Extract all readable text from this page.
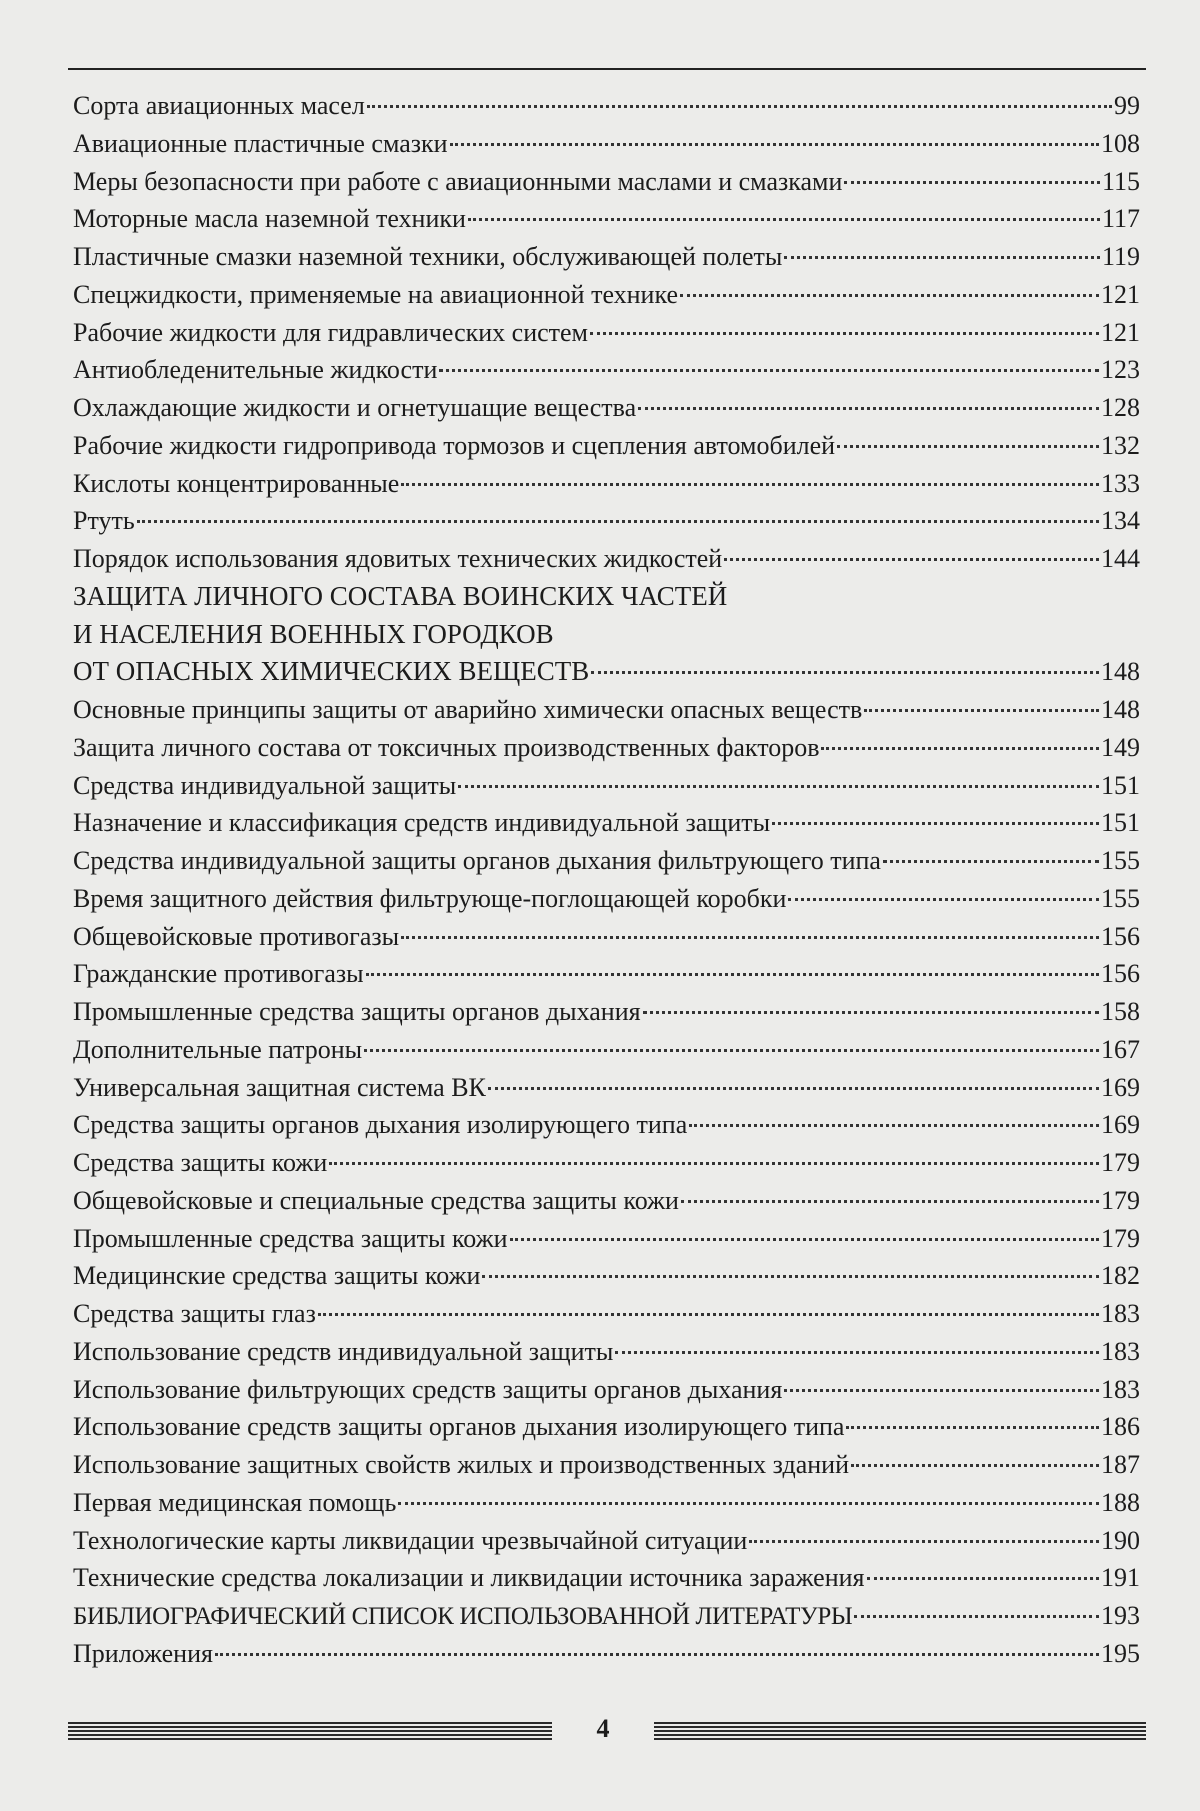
Сорта авиационных масел	99
Авиационные пластичные смазки	108
Меры безопасности при работе с авиационными маслами и смазками	115
Моторные масла наземной техники	117
Пластичные смазки наземной техники, обслуживающей полеты	119
Спецжидкости, применяемые на авиационной технике	121
Рабочие жидкости для гидравлических систем	121
Антиобледенительные жидкости	123
Охлаждающие жидкости и огнетушащие вещества	128
Рабочие жидкости гидропривода тормозов и сцепления автомобилей	132
Кислоты концентрированные	133
Ртуть	134
Порядок использования ядовитых технических жидкостей	144
ЗАЩИТА ЛИЧНОГО СОСТАВА ВОИНСКИХ ЧАСТЕЙ
И НАСЕЛЕНИЯ ВОЕННЫХ ГОРОДКОВ
ОТ ОПАСНЫХ ХИМИЧЕСКИХ ВЕЩЕСТВ	148
Основные принципы защиты от аварийно химически опасных веществ	148
Защита личного состава от токсичных производственных факторов	149
Средства индивидуальной защиты	151
Назначение и классификация средств индивидуальной защиты	151
Средства индивидуальной защиты органов дыхания фильтрующего типа	155
Время защитного действия фильтрующе-поглощающей коробки	155
Общевойсковые противогазы	156
Гражданские противогазы	156
Промышленные средства защиты органов дыхания	158
Дополнительные патроны	167
Универсальная защитная система ВК	169
Средства защиты органов дыхания изолирующего типа	169
Средства защиты кожи	179
Общевойсковые и специальные средства защиты кожи	179
Промышленные средства защиты кожи	179
Медицинские средства защиты кожи	182
Средства защиты глаз	183
Использование средств индивидуальной защиты	183
Использование фильтрующих средств защиты органов дыхания	183
Использование средств защиты органов дыхания изолирующего типа	186
Использование защитных свойств жилых и производственных зданий	187
Первая медицинская помощь	188
Технологические карты ликвидации чрезвычайной ситуации	190
Технические средства локализации и ликвидации источника заражения	191
БИБЛИОГРАФИЧЕСКИЙ СПИСОК ИСПОЛЬЗОВАННОЙ ЛИТЕРАТУРЫ	193
Приложения	195
4
